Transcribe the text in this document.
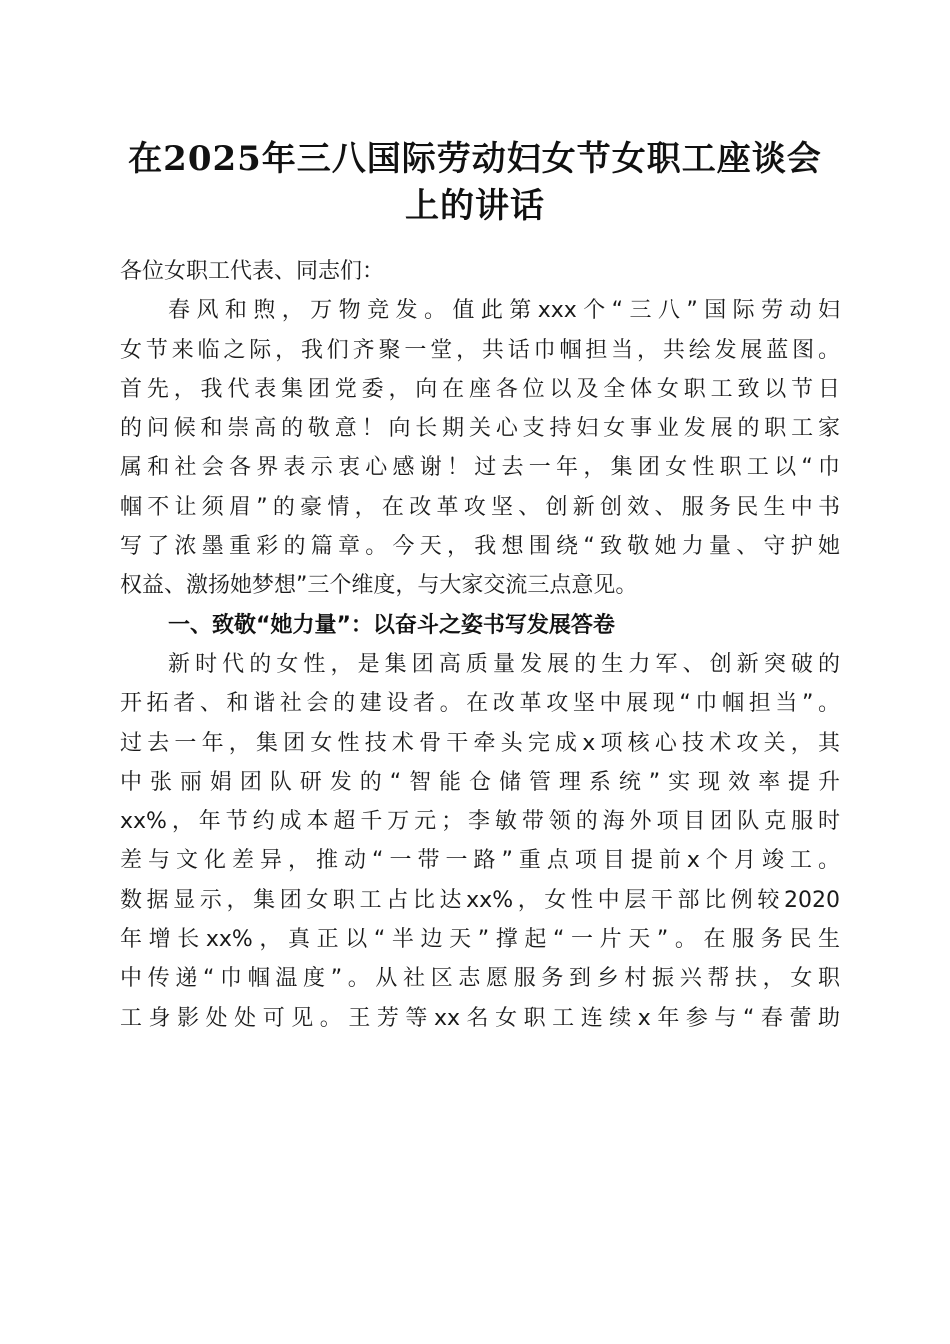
在2025年三八国际劳动妇女节女职工座谈会
上的讲话
各位女职工代表、同志们：
春风和煦，万物竞发。值此第xxx个“三八”国际劳动妇
女节来临之际，我们齐聚一堂，共话巾帼担当，共绘发展蓝图。
首先，我代表集团党委，向在座各位以及全体女职工致以节日
的问候和崇高的敬意！向长期关心支持妇女事业发展的职工家
属和社会各界表示衷心感谢！过去一年，集团女性职工以“巾
帼不让须眉”的豪情，在改革攻坚、创新创效、服务民生中书
写了浓墨重彩的篇章。今天，我想围绕“致敬她力量、守护她
权益、激扬她梦想”三个维度，与大家交流三点意见。
一、致敬“她力量”：以奋斗之姿书写发展答卷
新时代的女性，是集团高质量发展的生力军、创新突破的
开拓者、和谐社会的建设者。在改革攻坚中展现“巾帼担当”。
过去一年，集团女性技术骨干牵头完成x项核心技术攻关，其
中张丽娟团队研发的“智能仓储管理系统”实现效率提升
xx%，年节约成本超千万元；李敏带领的海外项目团队克服时
差与文化差异，推动“一带一路”重点项目提前x个月竣工。
数据显示，集团女职工占比达xx%，女性中层干部比例较2020
年增长xx%，真正以“半边天”撑起“一片天”。在服务民生
中传递“巾帼温度”。从社区志愿服务到乡村振兴帮扶，女职
工身影处处可见。王芳等xx名女职工连续x年参与“春蕾助
